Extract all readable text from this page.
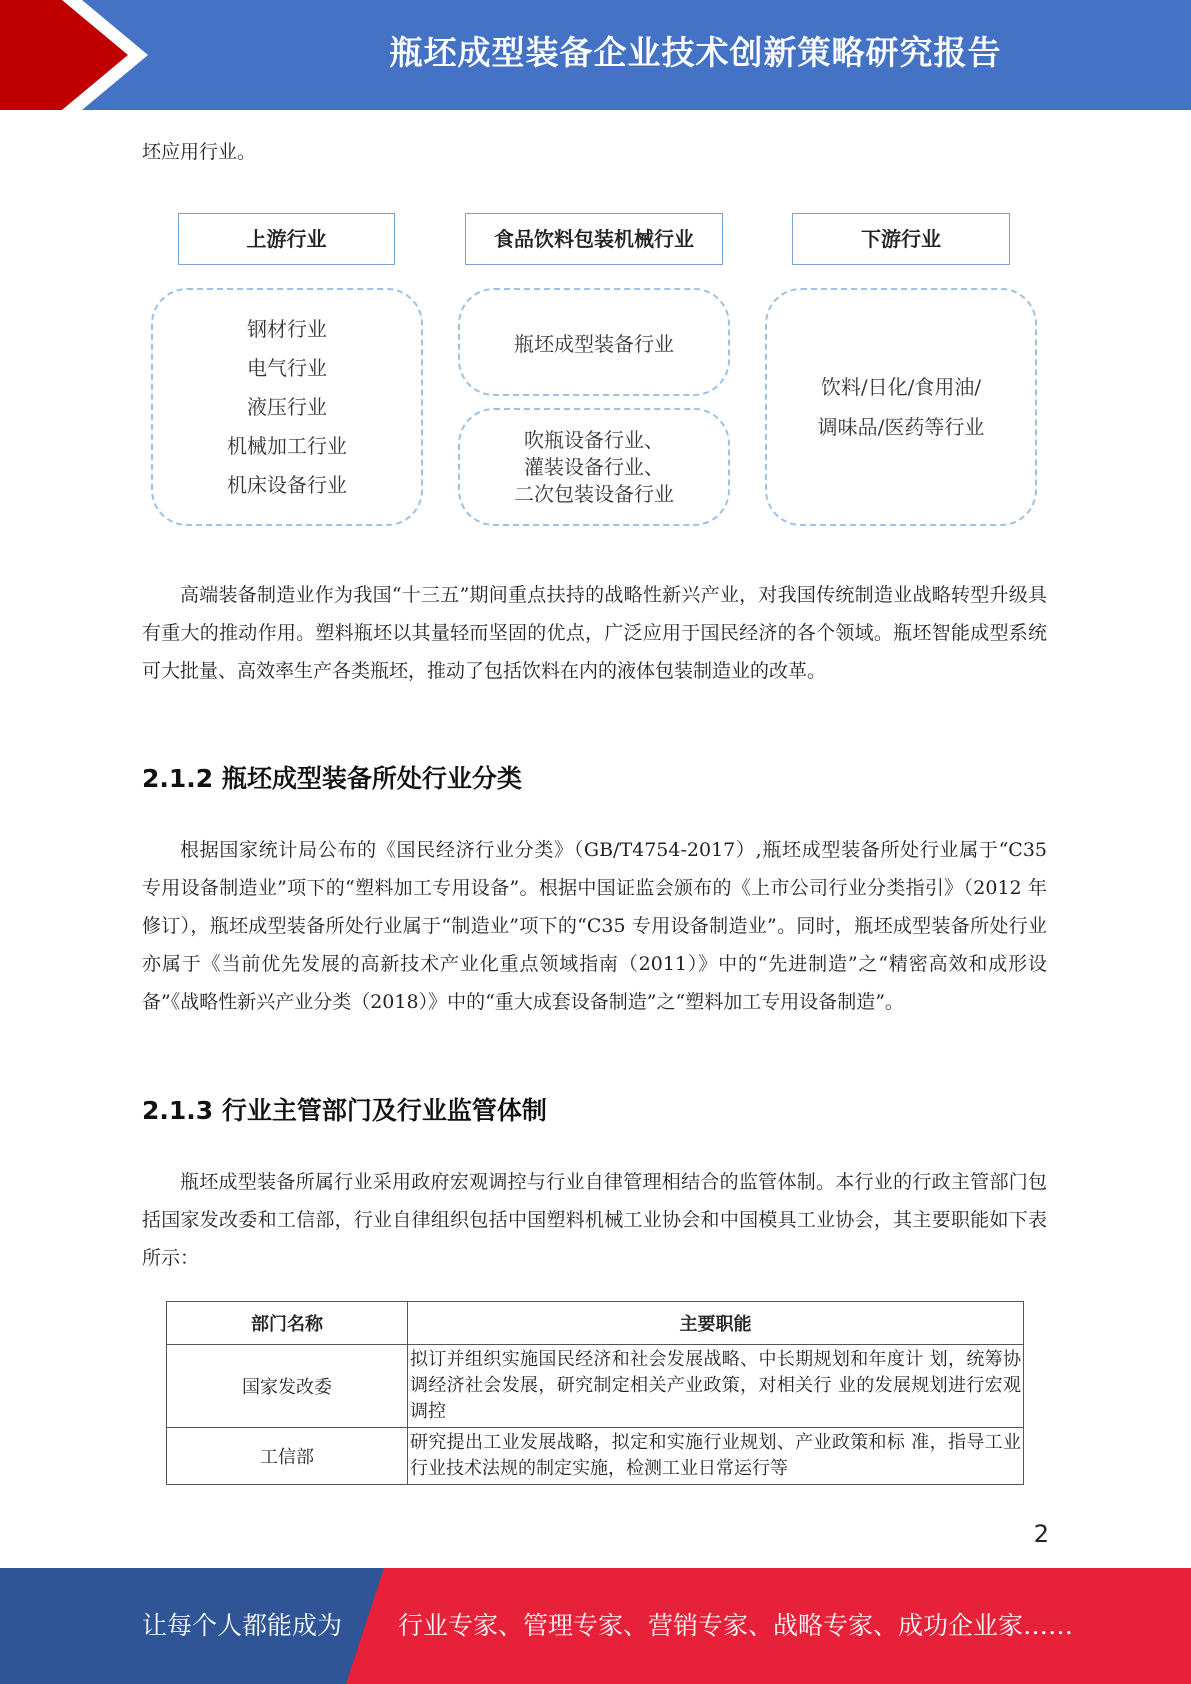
瓶坯成型装备企业技术创新策略研究报告

坯应用行业。

上游行业	食品饮料包装机械行业	下游行业
钢材行业
电气行业
液压行业
机械加工行业
机床设备行业
瓶坯成型装备行业
吹瓶设备行业、
灌装设备行业、
二次包装设备行业
饮料/日化/食用油/
调味品/医药等行业

高端装备制造业作为我国“十三五”期间重点扶持的战略性新兴产业，对我国传统制造业战略转型升级具有重大的推动作用。塑料瓶坯以其量轻而坚固的优点，广泛应用于国民经济的各个领域。瓶坯智能成型系统可大批量、高效率生产各类瓶坯，推动了包括饮料在内的液体包装制造业的改革。

2.1.2 瓶坯成型装备所处行业分类

根据国家统计局公布的《国民经济行业分类》（GB/T4754-2017）,瓶坯成型装备所处行业属于“C35 专用设备制造业”项下的“塑料加工专用设备”。根据中国证监会颁布的《上市公司行业分类指引》（2012 年修订），瓶坯成型装备所处行业属于“制造业”项下的“C35 专用设备制造业”。同时，瓶坯成型装备所处行业亦属于《当前优先发展的高新技术产业化重点领域指南（2011）》中的“先进制造”之“精密高效和成形设备”《战略性新兴产业分类（2018）》中的“重大成套设备制造”之“塑料加工专用设备制造”。

2.1.3 行业主管部门及行业监管体制

瓶坯成型装备所属行业采用政府宏观调控与行业自律管理相结合的监管体制。本行业的行政主管部门包括国家发改委和工信部，行业自律组织包括中国塑料机械工业协会和中国模具工业协会，其主要职能如下表所示：

部门名称	主要职能
国家发改委	拟订并组织实施国民经济和社会发展战略、中长期规划和年度计 划，统筹协调经济社会发展，研究制定相关产业政策，对相关行 业的发展规划进行宏观调控
工信部	研究提出工业发展战略，拟定和实施行业规划、产业政策和标 准，指导工业行业技术法规的制定实施，检测工业日常运行等
2
让每个人都能成为 行业专家、管理专家、营销专家、战略专家、成功企业家……
